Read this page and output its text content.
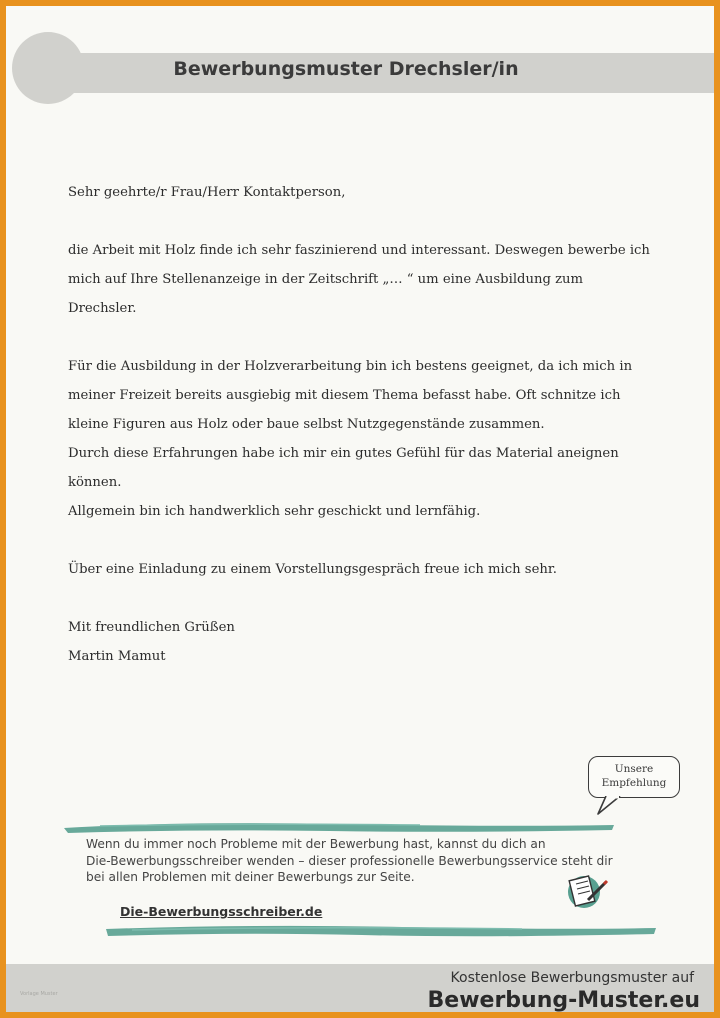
Bewerbungsmuster Drechsler/in

Sehr geehrte/r Frau/Herr Kontaktperson,

die Arbeit mit Holz finde ich sehr faszinierend und interessant. Deswegen bewerbe ich

mich auf Ihre Stellenanzeige in der Zeitschrift „… “ um eine Ausbildung zum

Drechsler.

Für die Ausbildung in der Holzverarbeitung bin ich bestens geeignet, da ich mich in

meiner Freizeit bereits ausgiebig mit diesem Thema befasst habe. Oft schnitze ich

kleine Figuren aus Holz oder baue selbst Nutzgegenstände zusammen.

Durch diese Erfahrungen habe ich mir ein gutes Gefühl für das Material aneignen

können.

Allgemein bin ich handwerklich sehr geschickt und lernfähig.

Über eine Einladung zu einem Vorstellungsgespräch freue ich mich sehr.

Mit freundlichen Grüßen

Martin Mamut

Unsere
Empfehlung

Wenn du immer noch Probleme mit der Bewerbung hast, kannst du dich an

Die-Bewerbungsschreiber wenden – dieser professionelle Bewerbungsservice steht dir

bei allen Problemen mit deiner Bewerbungs zur Seite.

Die-Bewerbungsschreiber.de
Vorlage Muster
Kostenlose Bewerbungsmuster auf
Bewerbung-Muster.eu
